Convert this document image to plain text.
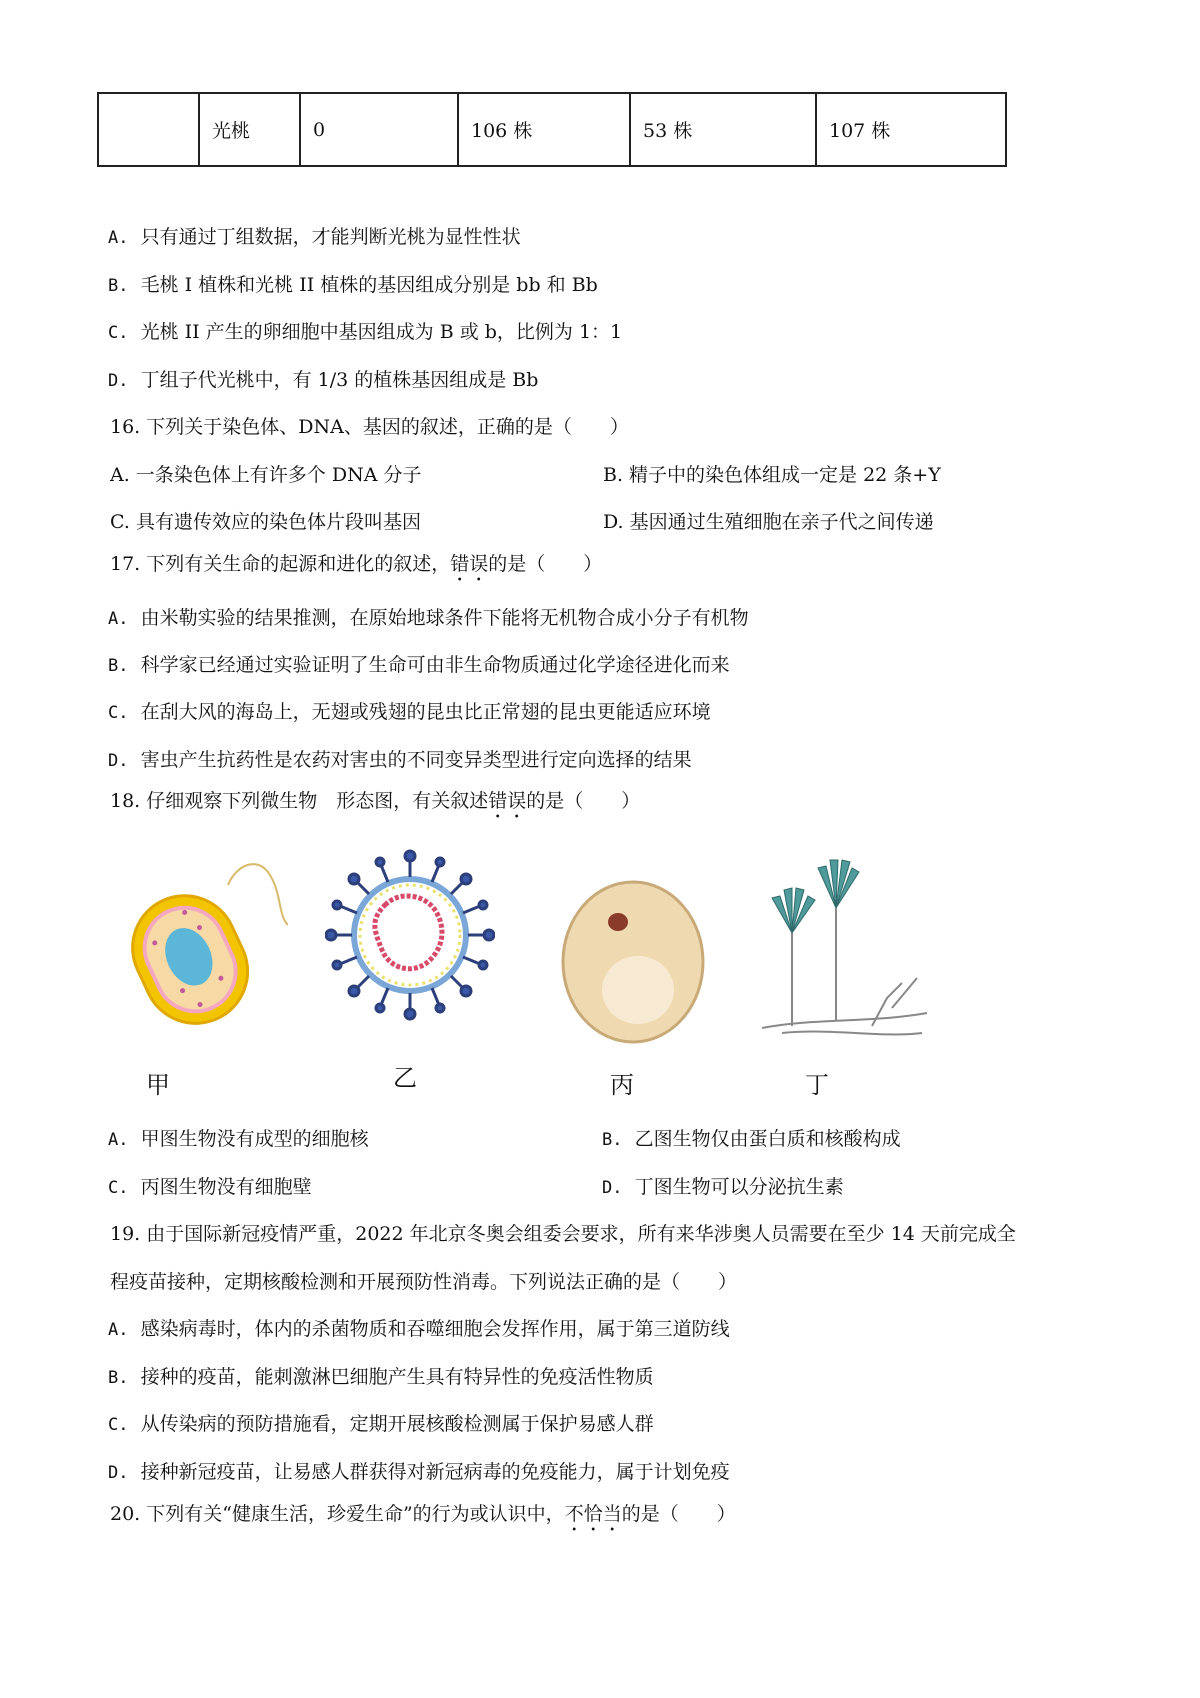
	光桃	0	106 株	53 株	107 株
A. 只有通过丁组数据，才能判断光桃为显性性状
B. 毛桃 I 植株和光桃 II 植株的基因组成分别是 bb 和 Bb
C. 光桃 II 产生的卵细胞中基因组成为 B 或 b，比例为 1：1
D. 丁组子代光桃中，有 1/3 的植株基因组成是 Bb
16. 下列关于染色体、DNA、基因的叙述，正确的是（　　）
A. 一条染色体上有许多个 DNA 分子	B. 精子中的染色体组成一定是 22 条+Y
C. 具有遗传效应的染色体片段叫基因	D. 基因通过生殖细胞在亲子代之间传递
17. 下列有关生命的起源和进化的叙述，错误的是（　　）
A. 由米勒实验的结果推测，在原始地球条件下能将无机物合成小分子有机物
B. 科学家已经通过实验证明了生命可由非生命物质通过化学途径进化而来
C. 在刮大风的海岛上，无翅或残翅的昆虫比正常翅的昆虫更能适应环境
D. 害虫产生抗药性是农药对害虫的不同变异类型进行定向选择的结果
18. 仔细观察下列微生物　形态图，有关叙述错误的是（　　）
甲	乙	丙	丁
A. 甲图生物没有成型的细胞核	B. 乙图生物仅由蛋白质和核酸构成
C. 丙图生物没有细胞壁	D. 丁图生物可以分泌抗生素
19. 由于国际新冠疫情严重，2022 年北京冬奥会组委会要求，所有来华涉奥人员需要在至少 14 天前完成全
程疫苗接种，定期核酸检测和开展预防性消毒。下列说法正确的是（　　）
A. 感染病毒时，体内的杀菌物质和吞噬细胞会发挥作用，属于第三道防线
B. 接种的疫苗，能刺激淋巴细胞产生具有特异性的免疫活性物质
C. 从传染病的预防措施看，定期开展核酸检测属于保护易感人群
D. 接种新冠疫苗，让易感人群获得对新冠病毒的免疫能力，属于计划免疫
20. 下列有关“健康生活，珍爱生命”的行为或认识中，不恰当的是（　　）
